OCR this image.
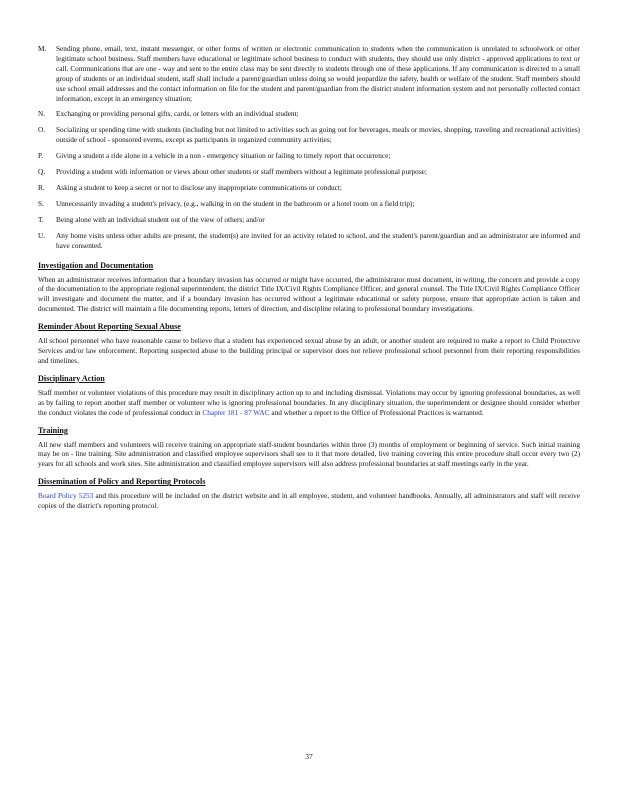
M.	Sending phone, email, text, instant messenger, or other forms of written or electronic communication to students when the communication is unrelated to schoolwork or other legitimate school business. Staff members have educational or legitimate school business to conduct with students, they should use only district - approved applications to text or call. Communications that are one - way and sent to the entire class may be sent directly to students through one of these applications. If any communication is directed to a small group of students or an individual student, staff shall include a parent/guardian unless doing so would jeopardize the safety, health or welfare of the student. Staff members should use school email addresses and the contact information on file for the student and parent/guardian from the district student information system and not personally collected contact information, except in an emergency situation;
N.	Exchanging or providing personal gifts, cards, or letters with an individual student;
O.	Socializing or spending time with students (including but not limited to activities such as going out for beverages, meals or movies, shopping, traveling and recreational activities) outside of school - sponsored events, except as participants in organized community activities;
P.	Giving a student a ride alone in a vehicle in a non - emergency situation or failing to timely report that occurrence;
Q.	Providing a student with information or views about other students or staff members without a legitimate professional purpose;
R.	Asking a student to keep a secret or not to disclose any inappropriate communications or conduct;
S.	Unnecessarily invading a student's privacy, (e.g., walking in on the student in the bathroom or a hotel room on a field trip);
T.	Being alone with an individual student out of the view of others; and/or
U.	Any home visits unless other adults are present, the student(s) are invited for an activity related to school, and the student's parent/guardian and an administrator are informed and have consented.
Investigation and Documentation
When an administrator receives information that a boundary invasion has occurred or might have occurred, the administrator must document, in writing, the concern and provide a copy of the documentation to the appropriate regional superintendent, the district Title IX/Civil Rights Compliance Officer, and general counsel. The Title IX/Civil Rights Compliance Officer will investigate and document the matter, and if a boundary invasion has occurred without a legitimate educational or safety purpose, ensure that appropriate action is taken and documented. The district will maintain a file documenting reports, letters of direction, and discipline relating to professional boundary investigations.
Reminder About Reporting Sexual Abuse
All school personnel who have reasonable cause to believe that a student has experienced sexual abuse by an adult, or another student are required to make a report to Child Protective Services and/or law enforcement. Reporting suspected abuse to the building principal or supervisor does not relieve professional school personnel from their reporting responsibilities and timelines.
Disciplinary Action
Staff member or volunteer violations of this procedure may result in disciplinary action up to and including dismissal. Violations may occur by ignoring professional boundaries, as well as by failing to report another staff member or volunteer who is ignoring professional boundaries. In any disciplinary situation, the superintendent or designee should consider whether the conduct violates the code of professional conduct in Chapter 181 - 87 WAC and whether a report to the Office of Professional Practices is warranted.
Training
All new staff members and volunteers will receive training on appropriate staff-student boundaries within three (3) months of employment or beginning of service. Such initial training may be on - line training. Site administration and classified employee supervisors shall see to it that more detailed, live training covering this entire procedure shall occur every two (2) years for all schools and work sites. Site administration and classified employee supervisors will also address professional boundaries at staff meetings early in the year.
Dissemination of Policy and Reporting Protocols
Board Policy 5253 and this procedure will be included on the district website and in all employee, student, and volunteer handbooks. Annually, all administrators and staff will receive copies of the district's reporting protocol.
37
